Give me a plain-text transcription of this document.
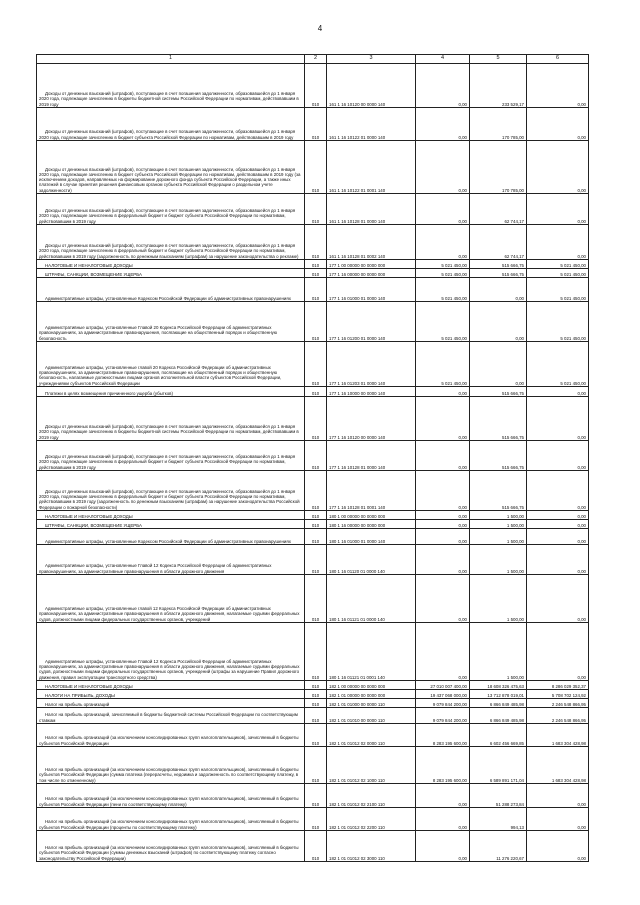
4
1	2	3	4	5	6
Доходы от денежных взысканий (штрафов), поступающие в счет погашения задолженности, образовавшейся до 1 января 2020 года, подлежащие зачислению в бюджеты бюджетной системы Российской Федерации по нормативам, действовавшим в 2019 году	010	161 1 16 10120 00 0000 140	0,00	233 529,17	0,00
Доходы от денежных взысканий (штрафов), поступающие в счет погашения задолженности, образовавшейся до 1 января 2020 года, подлежащие зачислению в бюджет субъекта Российской Федерации по нормативам, действовавшим в 2019 году	010	161 1 16 10122 01 0000 140	0,00	170 785,00	0,00
Доходы от денежных взысканий (штрафов), поступающие в счет погашения задолженности, образовавшейся до 1 января 2020 года, подлежащие зачислению в бюджет субъекта Российской Федерации по нормативам, действовавшим в 2019 году (за исключением доходов, направляемых на формирование дорожного фонда субъекта Российской Федерации, а также иных платежей в случае принятия решения финансовым органом субъекта Российской Федерации о раздельном учете задолженности)	010	161 1 16 10122 01 0001 140	0,00	170 785,00	0,00
Доходы от денежных взысканий (штрафов), поступающие в счет погашения задолженности, образовавшейся до 1 января 2020 года, подлежащие зачислению в федеральный бюджет и бюджет субъекта Российской Федерации по нормативам, действовавшим в 2019 году	010	161 1 16 10128 01 0000 140	0,00	62 744,17	0,00
Доходы от денежных взысканий (штрафов), поступающие в счет погашения задолженности, образовавшейся до 1 января 2020 года, подлежащие зачислению в федеральный бюджет и бюджет субъекта Российской Федерации по нормативам, действовавшим в 2019 году (задолженность по денежным взысканиям (штрафам) за нарушение законодательства о рекламе)	010	161 1 16 10128 01 0002 140	0,00	62 744,17	0,00
НАЛОГОВЫЕ И НЕНАЛОГОВЫЕ ДОХОДЫ	010	177 1 00 00000 00 0000 000	5 021 450,00	515 666,75	5 021 450,00
ШТРАФЫ, САНКЦИИ, ВОЗМЕЩЕНИЕ УЩЕРБА	010	177 1 16 00000 00 0000 000	5 021 450,00	515 666,75	5 021 450,00
Административные штрафы, установленные Кодексом Российской Федерации об административных правонарушениях	010	177 1 16 01000 01 0000 140	5 021 450,00	0,00	5 021 450,00
Административные штрафы, установленные Главой 20 Кодекса Российской Федерации об административных правонарушениях, за административные правонарушения, посягающие на общественный порядок и общественную безопасность	010	177 1 16 01200 01 0000 140	5 021 450,00	0,00	5 021 450,00
Административные штрафы, установленные главой 20 Кодекса Российской Федерации об административных правонарушениях, за административные правонарушения, посягающие на общественный порядок и общественную безопасность, налагаемые должностными лицами органов исполнительной власти субъектов Российской Федерации, учреждениями субъектов Российской Федерации	010	177 1 16 01203 01 0000 140	5 021 450,00	0,00	5 021 450,00
Платежи в целях возмещения причиненного ущерба (убытков)	010	177 1 16 10000 00 0000 140	0,00	515 666,75	0,00
Доходы от денежных взысканий (штрафов), поступающие в счет погашения задолженности, образовавшейся до 1 января 2020 года, подлежащие зачислению в бюджеты бюджетной системы Российской Федерации по нормативам, действовавшим в 2019 году	010	177 1 16 10120 00 0000 140	0,00	515 666,75	0,00
Доходы от денежных взысканий (штрафов), поступающие в счет погашения задолженности, образовавшейся до 1 января 2020 года, подлежащие зачислению в федеральный бюджет и бюджет субъекта Российской Федерации по нормативам, действовавшим в 2019 году	010	177 1 16 10128 01 0000 140	0,00	515 666,75	0,00
Доходы от денежных взысканий (штрафов), поступающие в счет погашения задолженности, образовавшейся до 1 января 2020 года, подлежащие зачислению в федеральный бюджет и бюджет субъекта Российской Федерации по нормативам, действовавшим в 2019 году (задолженность по денежным взысканиям (штрафам) за нарушение законодательства Российской Федерации о пожарной безопасности)	010	177 1 16 10128 01 0001 140	0,00	515 666,75	0,00
НАЛОГОВЫЕ И НЕНАЛОГОВЫЕ ДОХОДЫ	010	180 1 00 00000 00 0000 000	0,00	1 500,00	0,00
ШТРАФЫ, САНКЦИИ, ВОЗМЕЩЕНИЕ УЩЕРБА	010	180 1 16 00000 00 0000 000	0,00	1 500,00	0,00
Административные штрафы, установленные Кодексом Российской Федерации об административных правонарушениях	010	180 1 16 01000 01 0000 140	0,00	1 500,00	0,00
Административные штрафы, установленные Главой 12 Кодекса Российской Федерации об административных правонарушениях, за административные правонарушения в области дорожного движения	010	180 1 16 01120 01 0000 140	0,00	1 500,00	0,00
Административные штрафы, установленные главой 12 Кодекса Российской Федерации об административных правонарушениях, за административные правонарушения в области дорожного движения, налагаемые судьями федеральных судов, должностными лицами федеральных государственных органов, учреждений	010	180 1 16 01121 01 0000 140	0,00	1 500,00	0,00
Административные штрафы, установленные Главой 12 Кодекса Российской Федерации об административных правонарушениях, за административные правонарушения в области дорожного движения, налагаемые судьями федеральных судов, должностными лицами федеральных государственных органов, учреждений (штрафы за нарушение Правил дорожного движения, правил эксплуатации транспортного средства)	010	180 1 16 01121 01 0001 140	0,00	1 500,00	0,00
НАЛОГОВЫЕ И НЕНАЛОГОВЫЕ ДОХОДЫ	010	182 1 00 00000 00 0000 000	27 010 007 400,00	18 608 326 475,63	8 286 029 352,37
НАЛОГИ НА ПРИБЫЛЬ, ДОХОДЫ	010	182 1 01 00000 00 0000 000	19 437 068 000,00	13 712 878 019,01	5 708 702 124,92
Налог на прибыль организаций	010	182 1 01 01000 00 0000 110	9 079 844 200,00	6 866 849 485,98	2 246 548 866,95
Налог на прибыль организаций, зачисляемый в бюджеты бюджетной системы Российской Федерации по соответствующим ставкам	010	182 1 01 01010 00 0000 110	9 079 844 200,00	6 866 849 485,98	2 246 548 866,95
Налог на прибыль организаций (за исключением консолидированных групп налогоплательщиков), зачисляемый в бюджеты субъектов Российской Федерации	010	182 1 01 01012 02 0000 110	8 283 195 600,00	6 602 456 669,85	1 683 304 428,98
Налог на прибыль организаций (за исключением консолидированных групп налогоплательщиков), зачисляемый в бюджеты субъектов Российской Федерации (сумма платежа (перерасчеты, недоимка и задолженность по соответствующему платежу, в том числе по отмененному)	010	182 1 01 01012 02 1000 110	8 283 195 600,00	6 589 891 171,04	1 683 304 428,98
Налог на прибыль организаций (за исключением консолидированных групп налогоплательщиков), зачисляемый в бюджеты субъектов Российской Федерации (пени по соответствующему платежу)	010	182 1 01 01012 02 2100 110	0,00	51 288 273,84	0,00
Налог на прибыль организаций (за исключением консолидированных групп налогоплательщиков), зачисляемый в бюджеты субъектов Российской Федерации (проценты по соответствующему платежу)	010	182 1 01 01012 02 2200 110	0,00	994,13	0,00
Налог на прибыль организаций (за исключением консолидированных групп налогоплательщиков), зачисляемый в бюджеты субъектов Российской Федерации (суммы денежных взысканий (штрафов) по соответствующему платежу согласно законодательству Российской Федерации)	010	182 1 01 01012 02 3000 110	0,00	11 276 220,67	0,00
